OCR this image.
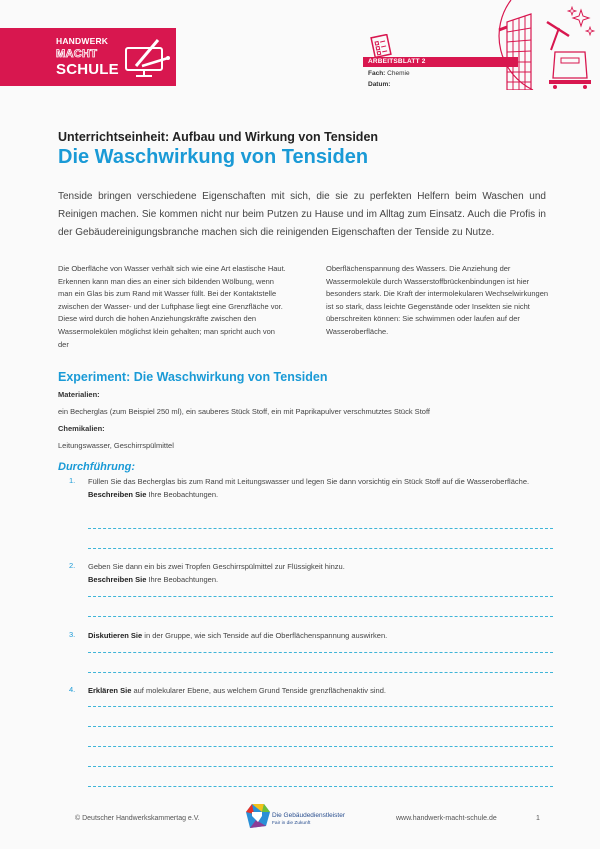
HANDWERK
MACHT
SCHULE	ARBEITSBLATT 2
Fach: Chemie
Datum:
Unterrichtseinheit: Aufbau und Wirkung von Tensiden
Die Waschwirkung von Tensiden
Tenside bringen verschiedene Eigenschaften mit sich, die sie zu perfekten Helfern beim Waschen und Reinigen machen. Sie kommen nicht nur beim Putzen zu Hause und im Alltag zum Einsatz. Auch die Profis in der Gebäudereinigungsbranche machen sich die reinigenden Eigenschaften der Tenside zu Nutze.
Die Oberfläche von Wasser verhält sich wie eine Art elastische Haut. Erkennen kann man dies an einer sich bildenden Wölbung, wenn man ein Glas bis zum Rand mit Wasser füllt. Bei der Kontaktstelle zwischen der Wasser- und der Luftphase liegt eine Grenzfläche vor. Diese wird durch die hohen Anziehungskräfte zwischen den Wassermolekülen möglichst klein gehalten; man spricht auch von der
Oberflächenspannung des Wassers. Die Anziehung der Wassermoleküle durch Wasserstoffbrückenbindungen ist hier besonders stark. Die Kraft der intermolekularen Wechselwirkungen ist so stark, dass leichte Gegenstände oder Insekten sie nicht überschreiten können: Sie schwimmen oder laufen auf der Wasseroberfläche.
Experiment: Die Waschwirkung von Tensiden
Materialien:
ein Becherglas (zum Beispiel 250 ml), ein sauberes Stück Stoff, ein mit Paprikapulver verschmutztes Stück Stoff
Chemikalien:
Leitungswasser, Geschirrspülmittel
Durchführung:
1. Füllen Sie das Becherglas bis zum Rand mit Leitungswasser und legen Sie dann vorsichtig ein Stück Stoff auf die Wasseroberfläche.
Beschreiben Sie Ihre Beobachtungen.
2. Geben Sie dann ein bis zwei Tropfen Geschirrspülmittel zur Flüssigkeit hinzu.
Beschreiben Sie Ihre Beobachtungen.
3. Diskutieren Sie in der Gruppe, wie sich Tenside auf die Oberflächenspannung auswirken.
4. Erklären Sie auf molekularer Ebene, aus welchem Grund Tenside grenzflächenaktiv sind.
© Deutscher Handwerkskammertag e.V.	Die Gebäudedienstleister
Fair in die Zukunft
www.handwerk-macht-schule.de	1
